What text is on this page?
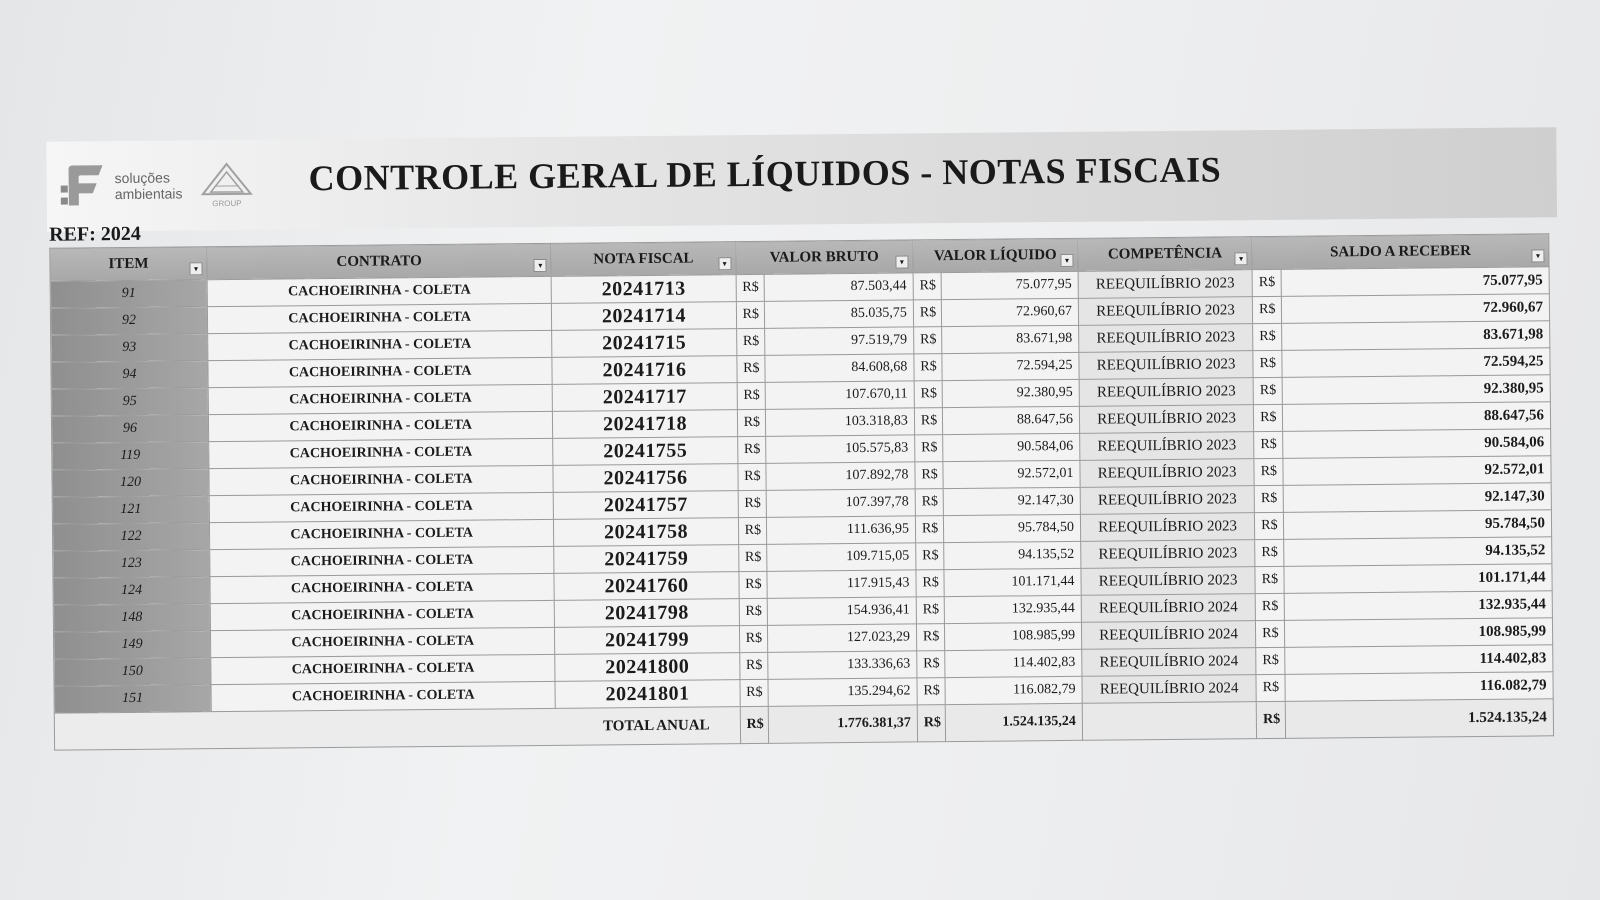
soluções
ambientais
GROUP
CONTROLE GERAL DE LÍQUIDOS - NOTAS FISCAIS
REF: 2024
ITEM ▾	CONTRATO ▾	NOTA FISCAL ▾	VALOR BRUTO ▾		VALOR LÍQUIDO ▾		COMPETÊNCIA ▾	SALDO A RECEBER ▾	

91	CACHOEIRINHA - COLETA	20241713	R$	87.503,44	R$	75.077,95	REEQUILÍBRIO 2023	R$	75.077,95
92	CACHOEIRINHA - COLETA	20241714	R$	85.035,75	R$	72.960,67	REEQUILÍBRIO 2023	R$	72.960,67
93	CACHOEIRINHA - COLETA	20241715	R$	97.519,79	R$	83.671,98	REEQUILÍBRIO 2023	R$	83.671,98
94	CACHOEIRINHA - COLETA	20241716	R$	84.608,68	R$	72.594,25	REEQUILÍBRIO 2023	R$	72.594,25
95	CACHOEIRINHA - COLETA	20241717	R$	107.670,11	R$	92.380,95	REEQUILÍBRIO 2023	R$	92.380,95
96	CACHOEIRINHA - COLETA	20241718	R$	103.318,83	R$	88.647,56	REEQUILÍBRIO 2023	R$	88.647,56
119	CACHOEIRINHA - COLETA	20241755	R$	105.575,83	R$	90.584,06	REEQUILÍBRIO 2023	R$	90.584,06
120	CACHOEIRINHA - COLETA	20241756	R$	107.892,78	R$	92.572,01	REEQUILÍBRIO 2023	R$	92.572,01
121	CACHOEIRINHA - COLETA	20241757	R$	107.397,78	R$	92.147,30	REEQUILÍBRIO 2023	R$	92.147,30
122	CACHOEIRINHA - COLETA	20241758	R$	111.636,95	R$	95.784,50	REEQUILÍBRIO 2023	R$	95.784,50
123	CACHOEIRINHA - COLETA	20241759	R$	109.715,05	R$	94.135,52	REEQUILÍBRIO 2023	R$	94.135,52
124	CACHOEIRINHA - COLETA	20241760	R$	117.915,43	R$	101.171,44	REEQUILÍBRIO 2023	R$	101.171,44
148	CACHOEIRINHA - COLETA	20241798	R$	154.936,41	R$	132.935,44	REEQUILÍBRIO 2024	R$	132.935,44
149	CACHOEIRINHA - COLETA	20241799	R$	127.023,29	R$	108.985,99	REEQUILÍBRIO 2024	R$	108.985,99
150	CACHOEIRINHA - COLETA	20241800	R$	133.336,63	R$	114.402,83	REEQUILÍBRIO 2024	R$	114.402,83
151	CACHOEIRINHA - COLETA	20241801	R$	135.294,62	R$	116.082,79	REEQUILÍBRIO 2024	R$	116.082,79
TOTAL ANUAL			R$	1.776.381,37	R$	1.524.135,24		R$	1.524.135,24
